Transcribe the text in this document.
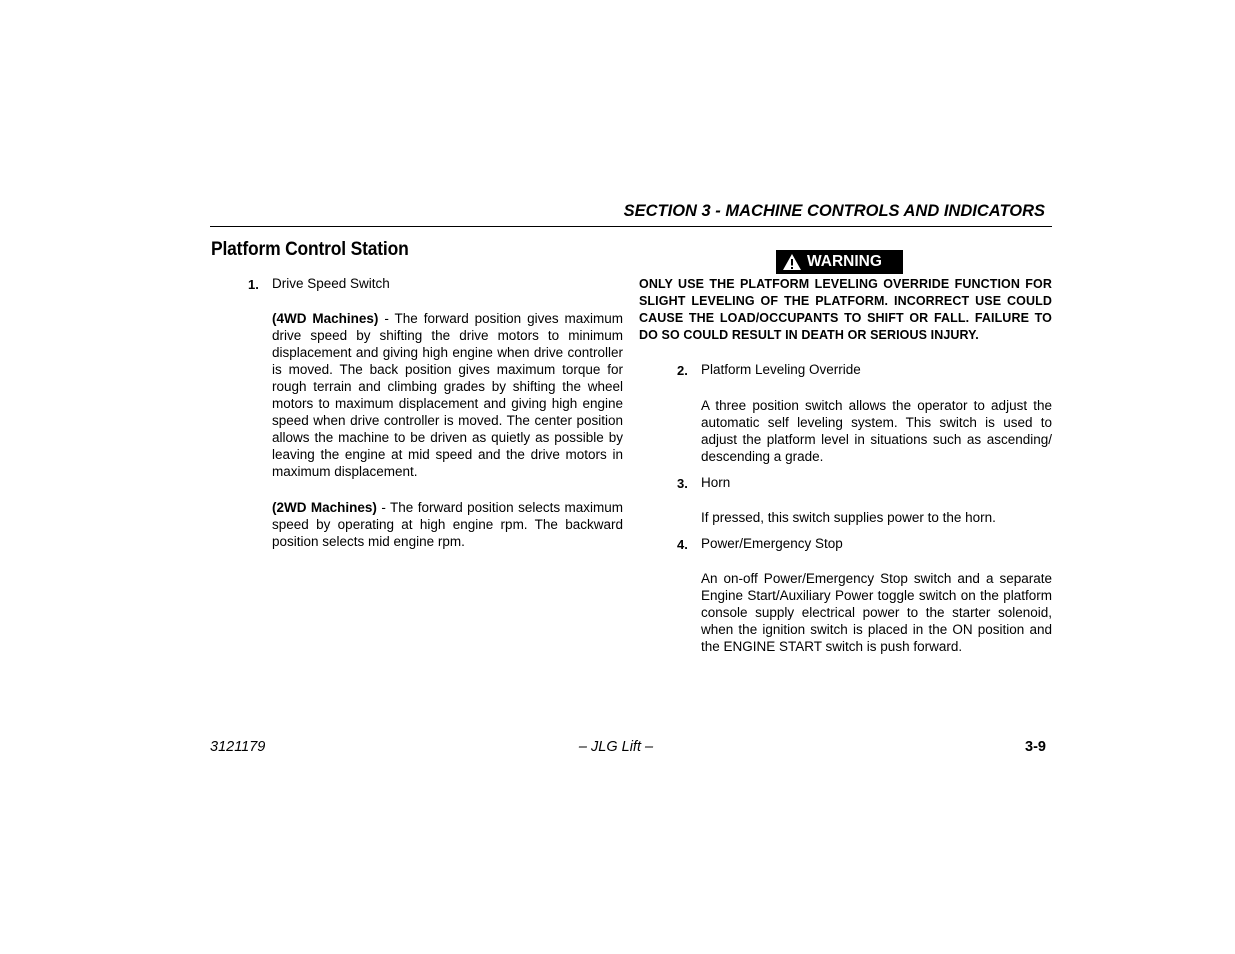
SECTION 3 - MACHINE CONTROLS AND INDICATORS
Platform Control Station
1. Drive Speed Switch
(4WD Machines) - The forward position gives maximum drive speed by shifting the drive motors to minimum displacement and giving high engine when drive controller is moved. The back position gives maximum torque for rough terrain and climbing grades by shifting the wheel motors to maximum displacement and giving high engine speed when drive controller is moved. The center position allows the machine to be driven as quietly as possible by leaving the engine at mid speed and the drive motors in maximum displacement.
(2WD Machines) - The forward position selects maximum speed by operating at high engine rpm. The backward position selects mid engine rpm.
WARNING
ONLY USE THE PLATFORM LEVELING OVERRIDE FUNCTION FOR SLIGHT LEVELING OF THE PLATFORM. INCORRECT USE COULD CAUSE THE LOAD/OCCUPANTS TO SHIFT OR FALL. FAILURE TO DO SO COULD RESULT IN DEATH OR SERIOUS INJURY.
2. Platform Leveling Override
A three position switch allows the operator to adjust the automatic self leveling system. This switch is used to adjust the platform level in situations such as ascending/ descending a grade.
3. Horn
If pressed, this switch supplies power to the horn.
4. Power/Emergency Stop
An on-off Power/Emergency Stop switch and a separate Engine Start/Auxiliary Power toggle switch on the platform console supply electrical power to the starter solenoid, when the ignition switch is placed in the ON position and the ENGINE START switch is push forward.
3121179	– JLG Lift –	3-9
